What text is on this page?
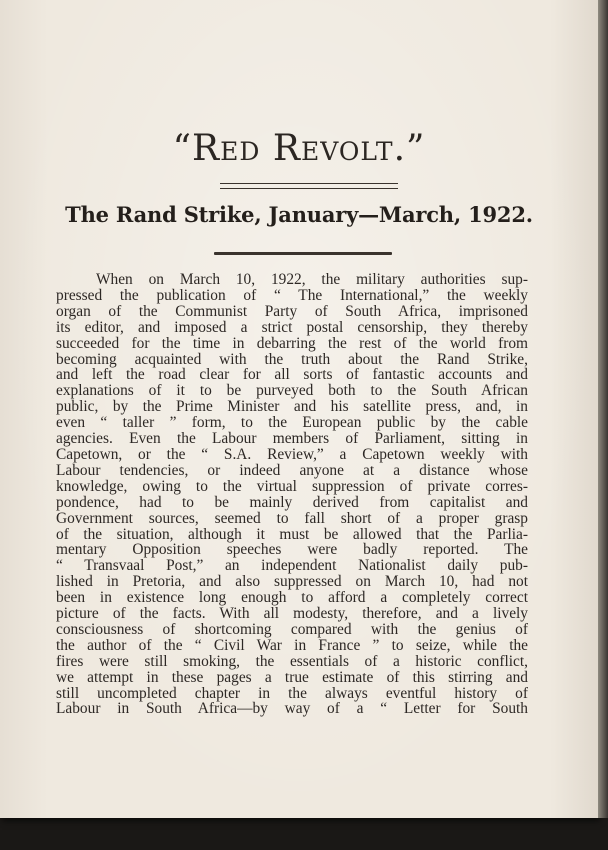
“Red Revolt.”
The Rand Strike, January—March, 1922.

When on March 10, 1922, the military authorities sup-
pressed the publication of “ The International,” the weekly
organ of the Communist Party of South Africa, imprisoned
its editor, and imposed a strict postal censorship, they thereby
succeeded for the time in debarring the rest of the world from
becoming acquainted with the truth about the Rand Strike,
and left the road clear for all sorts of fantastic accounts and
explanations of it to be purveyed both to the South African
public, by the Prime Minister and his satellite press, and, in
even “ taller ” form, to the European public by the cable
agencies. Even the Labour members of Parliament, sitting in
Capetown, or the “ S.A. Review,” a Capetown weekly with
Labour tendencies, or indeed anyone at a distance whose
knowledge, owing to the virtual suppression of private corres-
pondence, had to be mainly derived from capitalist and
Government sources, seemed to fall short of a proper grasp
of the situation, although it must be allowed that the Parlia-
mentary Opposition speeches were badly reported. The
“ Transvaal Post,” an independent Nationalist daily pub-
lished in Pretoria, and also suppressed on March 10, had not
been in existence long enough to afford a completely correct
picture of the facts. With all modesty, therefore, and a lively
consciousness of shortcoming compared with the genius of
the author of the “ Civil War in France ” to seize, while the
fires were still smoking, the essentials of a historic conflict,
we attempt in these pages a true estimate of this stirring and
still uncompleted chapter in the always eventful history of
Labour in South Africa—by way of a “ Letter for South
